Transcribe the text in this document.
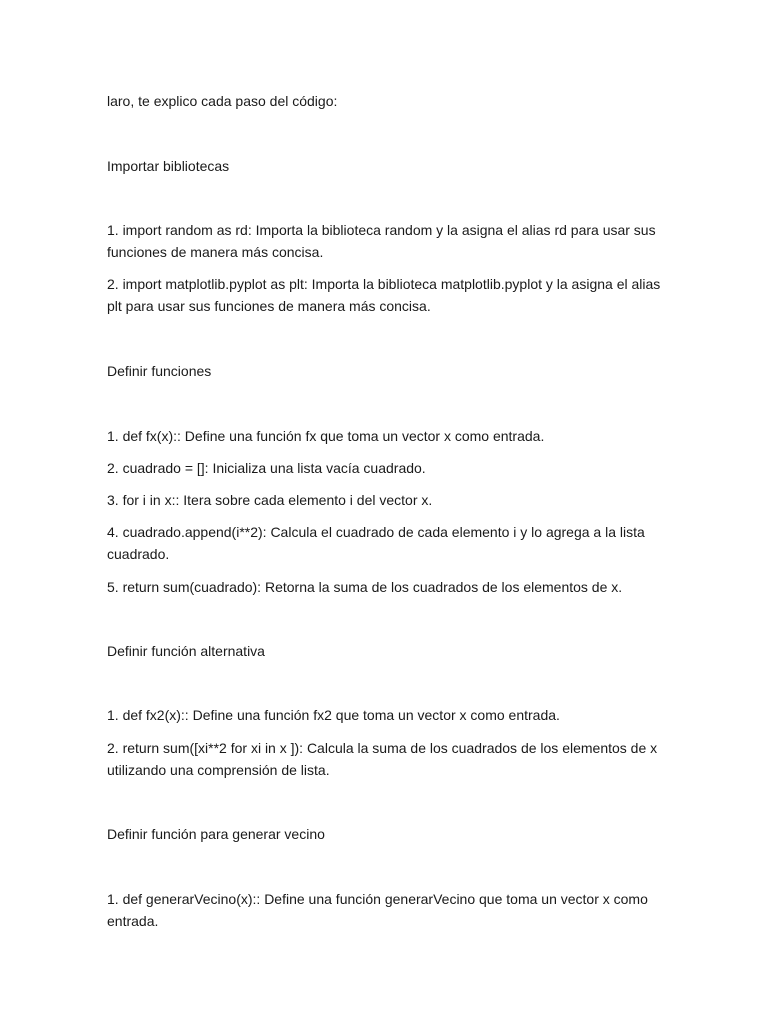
laro, te explico cada paso del código:

Importar bibliotecas

1. import random as rd: Importa la biblioteca random y la asigna el alias rd para usar sus funciones de manera más concisa.

2. import matplotlib.pyplot as plt: Importa la biblioteca matplotlib.pyplot y la asigna el alias plt para usar sus funciones de manera más concisa.

Definir funciones

1. def fx(x):: Define una función fx que toma un vector x como entrada.

2. cuadrado = []: Inicializa una lista vacía cuadrado.

3. for i in x:: Itera sobre cada elemento i del vector x.

4. cuadrado.append(i**2): Calcula el cuadrado de cada elemento i y lo agrega a la lista cuadrado.

5. return sum(cuadrado): Retorna la suma de los cuadrados de los elementos de x.

Definir función alternativa

1. def fx2(x):: Define una función fx2 que toma un vector x como entrada.

2. return sum([xi**2 for xi in x ]): Calcula la suma de los cuadrados de los elementos de x utilizando una comprensión de lista.

Definir función para generar vecino

1. def generarVecino(x):: Define una función generarVecino que toma un vector x como entrada.
